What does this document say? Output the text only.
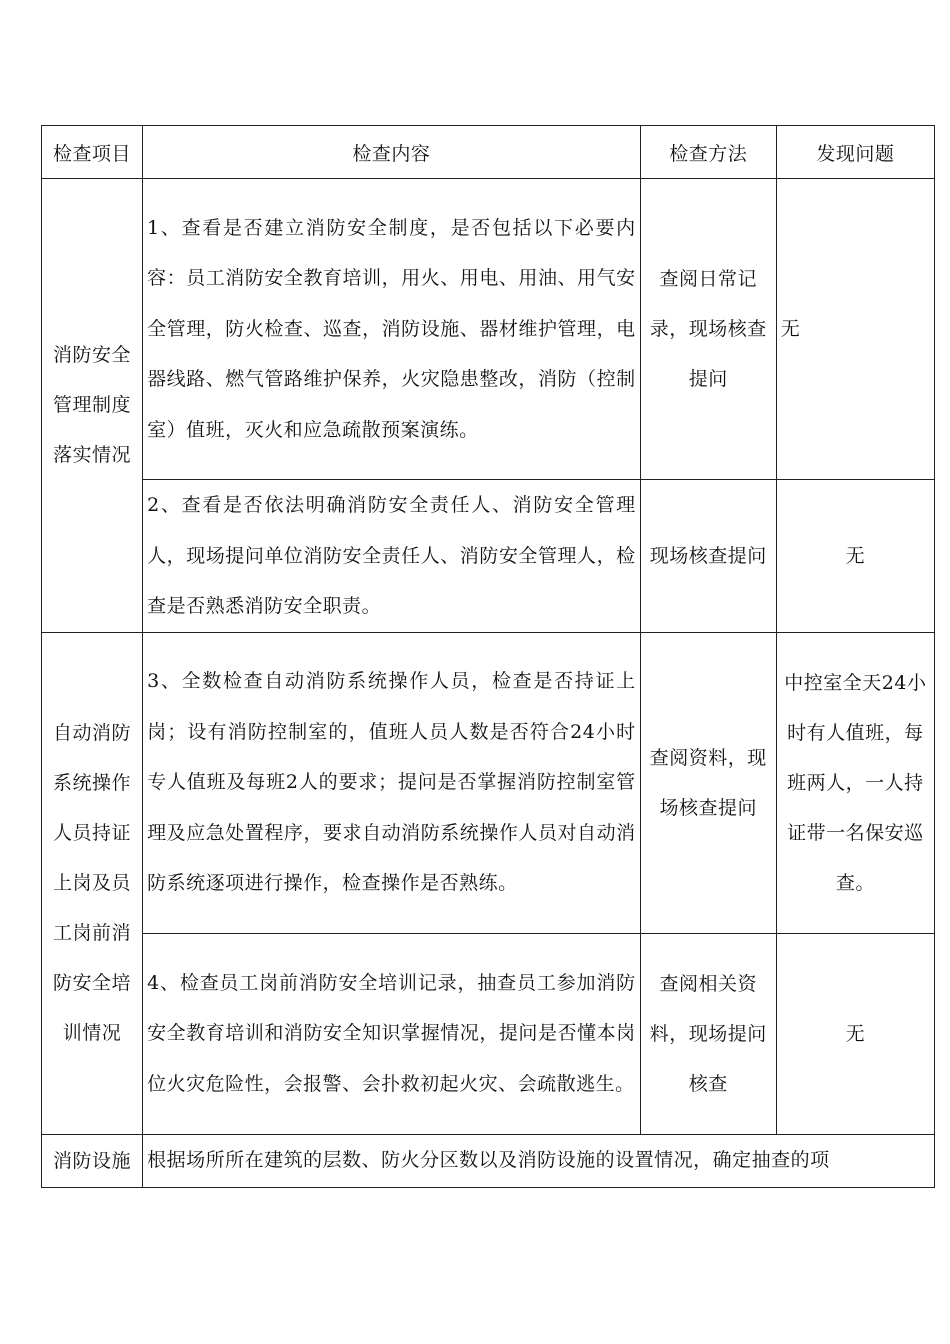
检查项目	检查内容	检查方法	发现问题
消防安全管理制度落实情况	1、查看是否建立消防安全制度，是否包括以下必要内容：员工消防安全教育培训，用火、用电、用油、用气安全管理，防火检查、巡查，消防设施、器材维护管理，电器线路、燃气管路维护保养，火灾隐患整改，消防（控制室）值班，灭火和应急疏散预案演练。	查阅日常记录，现场核查提问	无
	2、查看是否依法明确消防安全责任人、消防安全管理人，现场提问单位消防安全责任人、消防安全管理人，检查是否熟悉消防安全职责。	现场核查提问	无
自动消防系统操作人员持证上岗及员工岗前消防安全培训情况	3、全数检查自动消防系统操作人员，检查是否持证上岗；设有消防控制室的，值班人员人数是否符合24小时专人值班及每班2人的要求；提问是否掌握消防控制室管理及应急处置程序，要求自动消防系统操作人员对自动消防系统逐项进行操作，检查操作是否熟练。	查阅资料，现场核查提问	中控室全天24小时有人值班，每班两人，一人持证带一名保安巡查。
	4、检查员工岗前消防安全培训记录，抽查员工参加消防安全教育培训和消防安全知识掌握情况，提问是否懂本岗位火灾危险性，会报警、会扑救初起火灾、会疏散逃生。	查阅相关资料，现场提问核查	无
消防设施	根据场所所在建筑的层数、防火分区数以及消防设施的设置情况，确定抽查的项		
